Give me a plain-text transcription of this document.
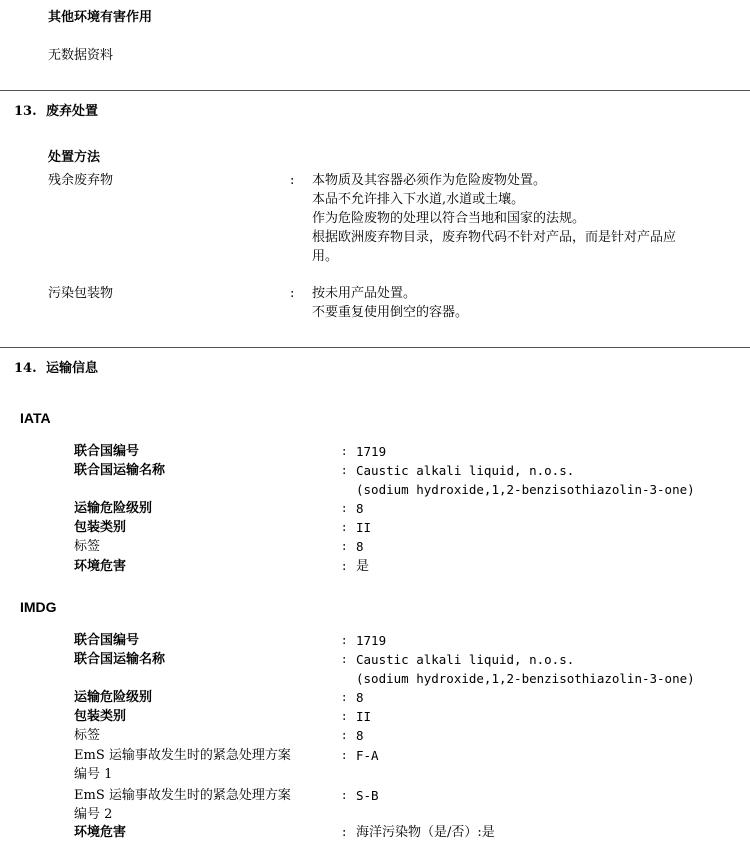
其他环境有害作用
无数据资料
13. 废弃处置
处置方法
残余废弃物	: 本物质及其容器必须作为危险废物处置。
本品不允许排入下水道,水道或土壤。
作为危险废物的处理以符合当地和国家的法规。
根据欧洲废弃物目录，废弃物代码不针对产品，而是针对产品应
用。
污染包装物	: 按未用产品处置。
不要重复使用倒空的容器。
14. 运输信息
IATA
联合国编号	: 1719
联合国运输名称	: Caustic alkali liquid, n.o.s.
(sodium hydroxide,1,2-benzisothiazolin-3-one)
运输危险级别	: 8
包装类别	: II
标签	: 8
环境危害	: 是
IMDG
联合国编号	: 1719
联合国运输名称	: Caustic alkali liquid, n.o.s.
(sodium hydroxide,1,2-benzisothiazolin-3-one)
运输危险级别	: 8
包装类别	: II
标签	: 8
EmS 运输事故发生时的紧急处理方案
编号 1
: F-A
EmS 运输事故发生时的紧急处理方案
编号 2
: S-B
环境危害	: 海洋污染物（是/否）:是
